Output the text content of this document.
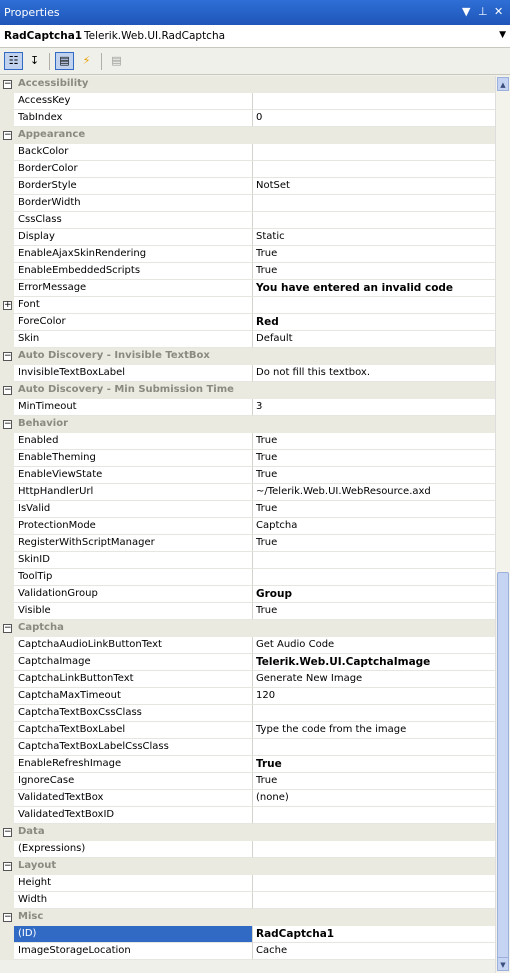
Properties	▼ ⊥ ✕
RadCaptcha1 Telerik.Web.UI.RadCaptcha	▼
☷	↧	▤	⚡	▤
− Accessibility
AccessKey
TabIndex	0
− Appearance
BackColor
BorderColor
BorderStyle	NotSet
BorderWidth
CssClass
Display	Static
EnableAjaxSkinRendering	True
EnableEmbeddedScripts	True
ErrorMessage	You have entered an invalid code
+ Font
ForeColor	Red
Skin	Default
− Auto Discovery - Invisible TextBox
InvisibleTextBoxLabel	Do not fill this textbox.
− Auto Discovery - Min Submission Time
MinTimeout	3
− Behavior
Enabled	True
EnableTheming	True
EnableViewState	True
HttpHandlerUrl	~/Telerik.Web.UI.WebResource.axd
IsValid	True
ProtectionMode	Captcha
RegisterWithScriptManager	True
SkinID
ToolTip
ValidationGroup	Group
Visible	True
− Captcha
CaptchaAudioLinkButtonText	Get Audio Code
CaptchaImage	Telerik.Web.UI.CaptchaImage
CaptchaLinkButtonText	Generate New Image
CaptchaMaxTimeout	120
CaptchaTextBoxCssClass
CaptchaTextBoxLabel	Type the code from the image
CaptchaTextBoxLabelCssClass
EnableRefreshImage	True
IgnoreCase	True
ValidatedTextBox	(none)
ValidatedTextBoxID
− Data
(Expressions)
− Layout
Height
Width
− Misc
(ID)	RadCaptcha1
ImageStorageLocation	Cache
▲
▼
